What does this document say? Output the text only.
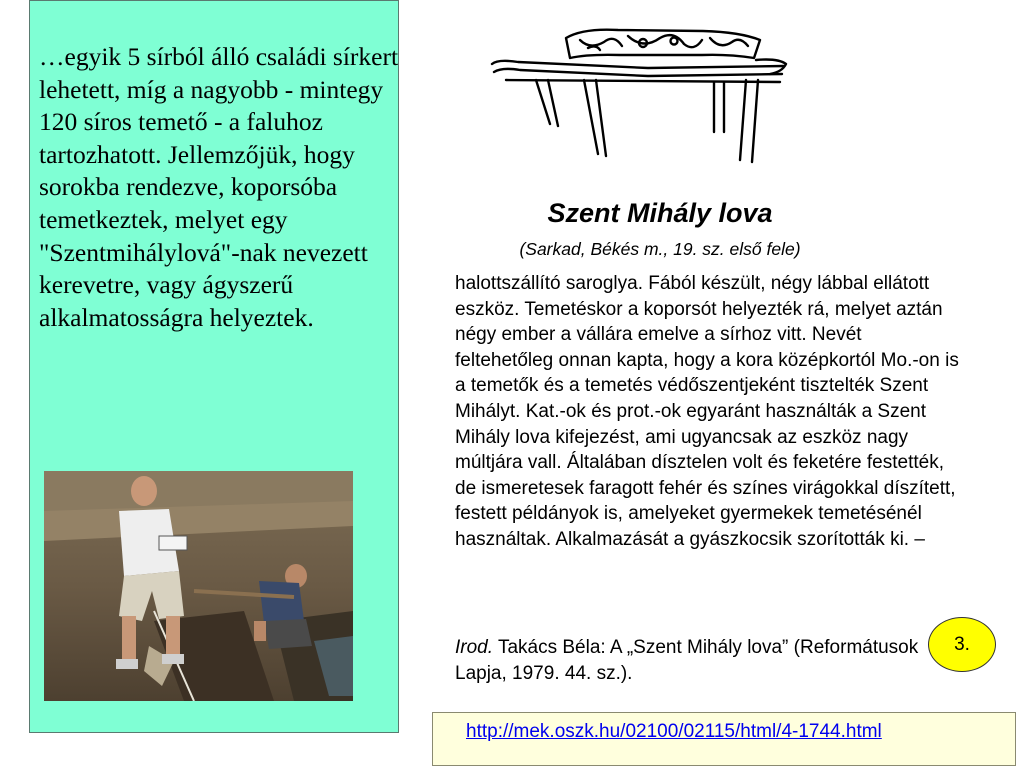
…egyik 5 sírból álló családi sírkert lehetett, míg a nagyobb - mintegy 120 síros temető - a faluhoz tartozhatott. Jellemzőjük, hogy sorokba rendezve, koporsóba temetkeztek, melyet egy "Szentmihálylová"-nak nevezett kerevetre, vagy ágyszerű alkalmatosságra helyeztek.
Szent Mihály lova
(Sarkad, Békés m., 19. sz. első fele)
halottszállító saroglya. Fából készült, négy lábbal ellátott eszköz. Temetéskor a koporsót helyezték rá, melyet aztán négy ember a vállára emelve a sírhoz vitt. Nevét feltehetőleg onnan kapta, hogy a kora középkortól Mo.-on is a temetők és a temetés védőszentjeként tisztelték Szent Mihályt. Kat.-ok és prot.-ok egyaránt használták a Szent Mihály lova kifejezést, ami ugyancsak az eszköz nagy múltjára vall. Általában dísztelen volt és feketére festették, de ismeretesek faragott fehér és színes virágokkal díszített, festett példányok is, amelyeket gyermekek temetésénél használtak. Alkalmazását a gyászkocsik szorították ki. –
Irod. Takács Béla: A „Szent Mihály lova” (Reformátusok Lapja, 1979. 44. sz.).
3.
http://mek.oszk.hu/02100/02115/html/4-1744.html
